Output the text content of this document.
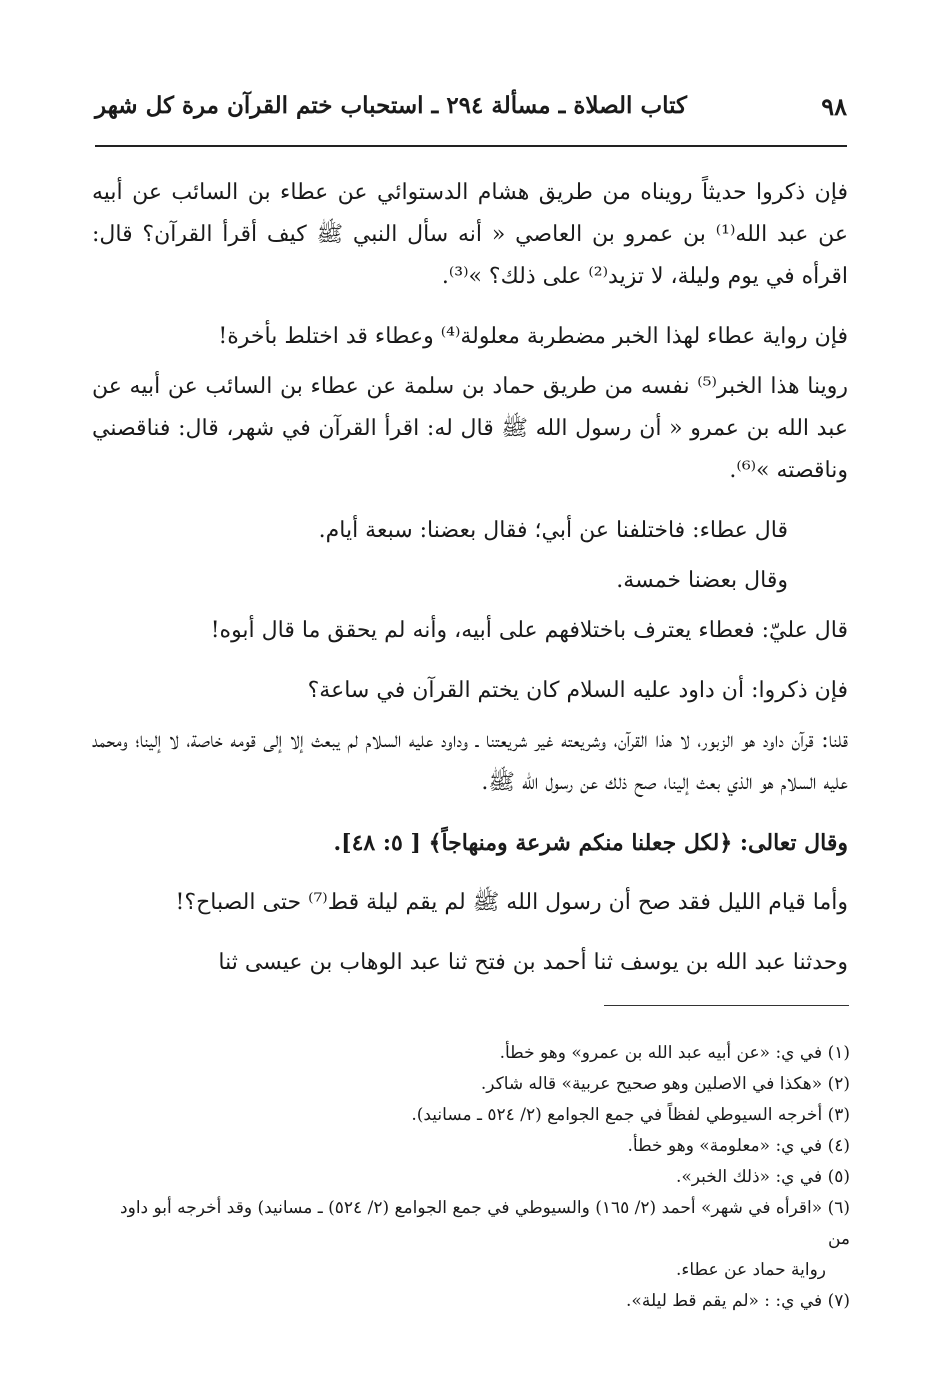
٩٨
كتاب الصلاة ـ مسألة ٢٩٤ ـ استحباب ختم القرآن مرة كل شهر

فإن ذكروا حديثاً رويناه من طريق هشام الدستوائي عن عطاء بن السائب عن أبيه عن عبد الله⁽¹⁾ بن عمرو بن العاصي « أنه سأل النبي ﷺ كيف أقرأ القرآن؟ قال: اقرأه في يوم وليلة، لا تزيد⁽²⁾ على ذلك؟ »⁽³⁾.

فإن رواية عطاء لهذا الخبر مضطربة معلولة⁽⁴⁾ وعطاء قد اختلط بأخرة!

روينا هذا الخبر⁽⁵⁾ نفسه من طريق حماد بن سلمة عن عطاء بن السائب عن أبيه عن عبد الله بن عمرو « أن رسول الله ﷺ قال له: اقرأ القرآن في شهر، قال: فناقصني وناقصته »⁽⁶⁾.

قال عطاء: فاختلفنا عن أبي؛ فقال بعضنا: سبعة أيام.

وقال بعضنا خمسة.

قال عليّ: فعطاء يعترف باختلافهم على أبيه، وأنه لم يحقق ما قال أبوه!

فإن ذكروا: أن داود عليه السلام كان يختم القرآن في ساعة؟

قلنا: قرآن داود هو الزبور، لا هذا القرآن، وشريعته غير شريعتنا ـ وداود عليه السلام لم يبعث إلا إلى قومه خاصة، لا إلينا؛ ومحمد عليه السلام هو الذي بعث إلينا، صح ذلك عن رسول الله ﷺ.

وقال تعالى: ﴿لكل جعلنا منكم شرعة ومنهاجاً﴾ [ ٥: ٤٨].

وأما قيام الليل فقد صح أن رسول الله ﷺ لم يقم ليلة قط⁽⁷⁾ حتى الصباح؟!

وحدثنا عبد الله بن يوسف ثنا أحمد بن فتح ثنا عبد الوهاب بن عيسى ثنا

(١) في ي: «عن أبيه عبد الله بن عمرو» وهو خطأ.

(٢) «هكذا في الاصلين وهو صحيح عربية» قاله شاكر.

(٣) أخرجه السيوطي لفظاً في جمع الجوامع (٢/ ٥٢٤ ـ مسانيد).

(٤) في ي: «معلومة» وهو خطأ.

(٥) في ي: «ذلك الخبر».

(٦) «اقرأه في شهر» أحمد (٢/ ١٦٥) والسيوطي في جمع الجوامع (٢/ ٥٢٤) ـ مسانيد) وقد أخرجه أبو داود من

رواية حماد عن عطاء.

(٧) في ي: : «لم يقم قط ليلة».
